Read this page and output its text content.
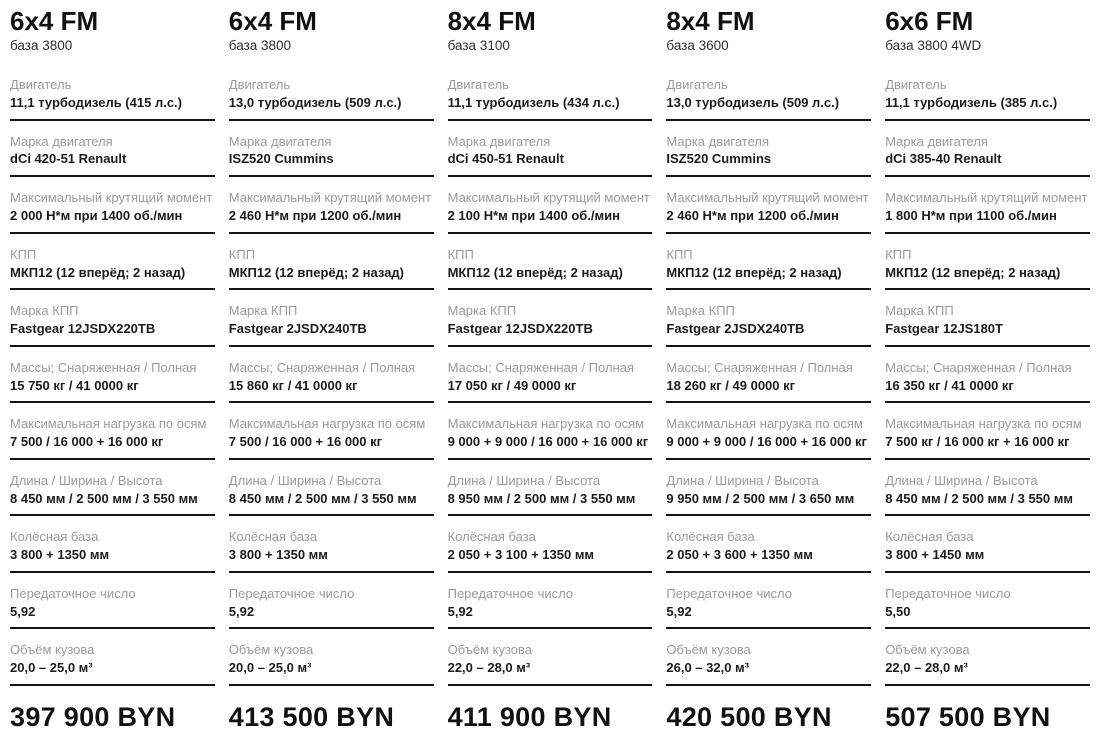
6x4 FM
база 3800
Двигатель
11,1 турбодизель (415 л.с.)
Марка двигателя
dCi 420-51 Renault
Максимальный крутящий момент
2 000 Н*м при 1400 об./мин
КПП
МКП12 (12 вперёд; 2 назад)
Марка КПП
Fastgear 12JSDX220TB
Массы; Снаряженная / Полная
15 750 кг / 41 0000 кг
Максимальная нагрузка по осям
7 500 / 16 000 + 16 000 кг
Длина / Ширина / Высота
8 450 мм / 2 500 мм / 3 550 мм
Колёсная база
3 800 + 1350 мм
Передаточное число
5,92
Объём кузова
20,0 – 25,0 м³
397 900 BYN
6x4 FM
база 3800
Двигатель
13,0 турбодизель (509 л.с.)
Марка двигателя
ISZ520 Cummins
Максимальный крутящий момент
2 460 Н*м при 1200 об./мин
КПП
МКП12 (12 вперёд; 2 назад)
Марка КПП
Fastgear 2JSDX240TB
Массы; Снаряженная / Полная
15 860 кг / 41 0000 кг
Максимальная нагрузка по осям
7 500 / 16 000 + 16 000 кг
Длина / Ширина / Высота
8 450 мм / 2 500 мм / 3 550 мм
Колёсная база
3 800 + 1350 мм
Передаточное число
5,92
Объём кузова
20,0 – 25,0 м³
413 500 BYN
8x4 FM
база 3100
Двигатель
11,1 турбодизель (434 л.с.)
Марка двигателя
dCi 450-51 Renault
Максимальный крутящий момент
2 100 Н*м при 1400 об./мин
КПП
МКП12 (12 вперёд; 2 назад)
Марка КПП
Fastgear 12JSDX220TB
Массы; Снаряженная / Полная
17 050 кг / 49 0000 кг
Максимальная нагрузка по осям
9 000 + 9 000 / 16 000 + 16 000 кг
Длина / Ширина / Высота
8 950 мм / 2 500 мм / 3 550 мм
Колёсная база
2 050 + 3 100 + 1350 мм
Передаточное число
5,92
Объём кузова
22,0 – 28,0 м³
411 900 BYN
8x4 FM
база 3600
Двигатель
13,0 турбодизель (509 л.с.)
Марка двигателя
ISZ520 Cummins
Максимальный крутящий момент
2 460 Н*м при 1200 об./мин
КПП
МКП12 (12 вперёд; 2 назад)
Марка КПП
Fastgear 2JSDX240TB
Массы; Снаряженная / Полная
18 260 кг / 49 0000 кг
Максимальная нагрузка по осям
9 000 + 9 000 / 16 000 + 16 000 кг
Длина / Ширина / Высота
9 950 мм / 2 500 мм / 3 650 мм
Колёсная база
2 050 + 3 600 + 1350 мм
Передаточное число
5,92
Объём кузова
26,0 – 32,0 м³
420 500 BYN
6x6 FM
база 3800 4WD
Двигатель
11,1 турбодизель (385 л.с.)
Марка двигателя
dCi 385-40 Renault
Максимальный крутящий момент
1 800 Н*м при 1100 об./мин
КПП
МКП12 (12 вперёд; 2 назад)
Марка КПП
Fastgear 12JS180T
Массы; Снаряженная / Полная
16 350 кг / 41 0000 кг
Максимальная нагрузка по осям
7 500 кг / 16 000 кг + 16 000 кг
Длина / Ширина / Высота
8 450 мм / 2 500 мм / 3 550 мм
Колёсная база
3 800 + 1450 мм
Передаточное число
5,50
Объём кузова
22,0 – 28,0 м³
507 500 BYN
